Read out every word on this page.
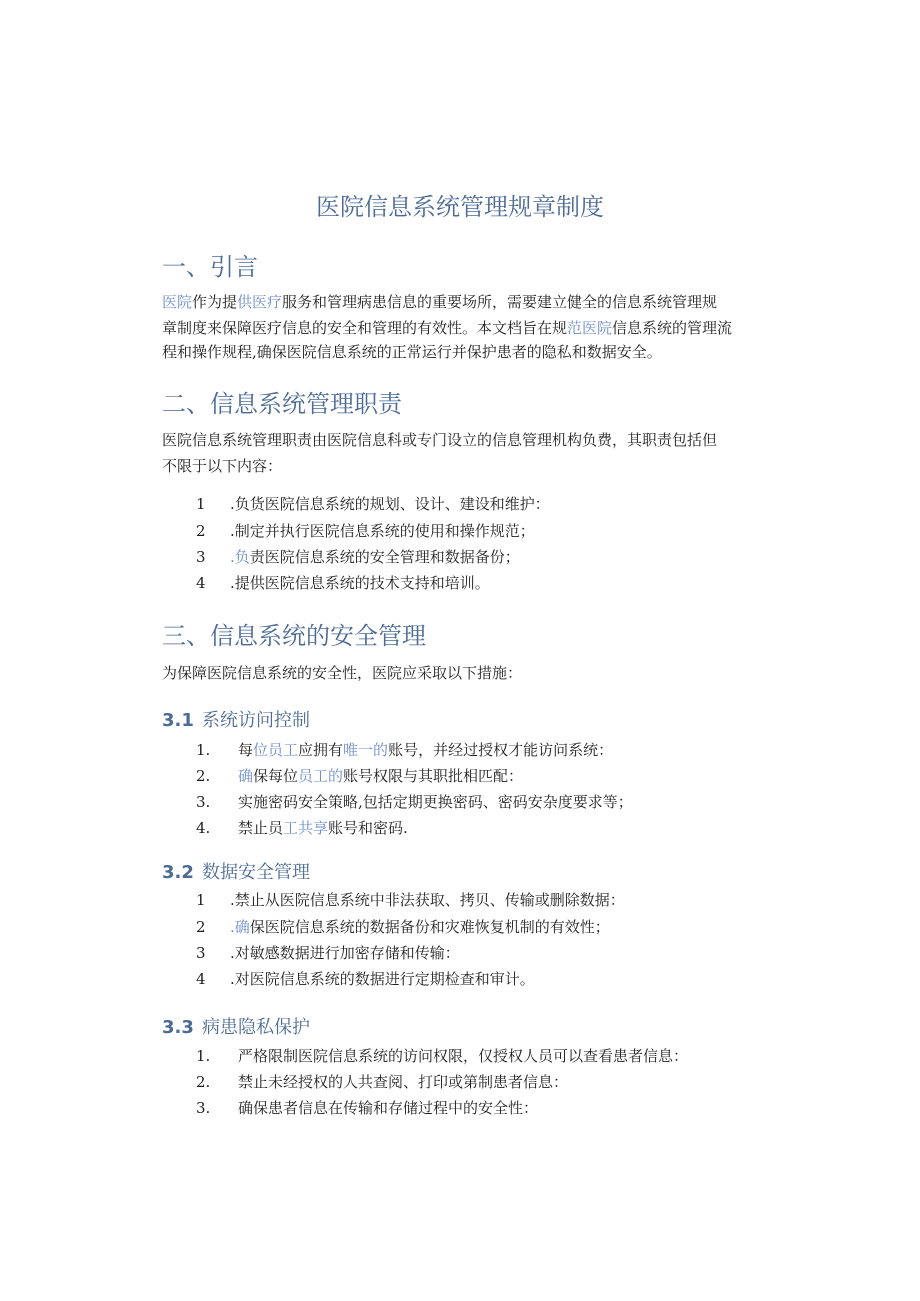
医院信息系统管理规章制度
一、引言
医院作为提供医疗服务和管理病患信息的重要场所，需要建立健全的信息系统管理规
章制度来保障医疗信息的安全和管理的有效性。本文档旨在规范医院信息系统的管理流
程和操作规程,确保医院信息系统的正常运行并保护患者的隐私和数据安全。
二、信息系统管理职责
医院信息系统管理职责由医院信息科或专门设立的信息管理机构负费，其职责包括但
不限于以下内容：
1 .负货医院信息系统的规划、设计、建设和维护：
2 .制定并执行医院信息系统的使用和操作规范；
3 .负责医院信息系统的安全管理和数据备份；
4 .提供医院信息系统的技术支持和培训。
三、信息系统的安全管理
为保障医院信息系统的安全性，医院应采取以下措施：
3.1 系统访问控制
1. 每位员工应拥有唯一的账号，并经过授权才能访问系统：
2. 确保每位员工的账号权限与其职批相匹配：
3. 实施密码安全策略,包括定期更换密码、密码安杂度要求等；
4. 禁止员工共享账号和密码.
3.2 数据安全管理
1 .禁止从医院信息系统中非法获取、拷贝、传输或删除数据：
2 .确保医院信息系统的数据备份和灾难恢复机制的有效性；
3 .对敏感数据进行加密存储和传输：
4 .对医院信息系统的数据进行定期检查和审计。
3.3 病患隐私保护
1. 严格限制医院信息系统的访问权限，仅授权人员可以查看患者信息：
2. 禁止未经授权的人共查阅、打印或第制患者信息：
3. 确保患者信息在传输和存储过程中的安全性：
